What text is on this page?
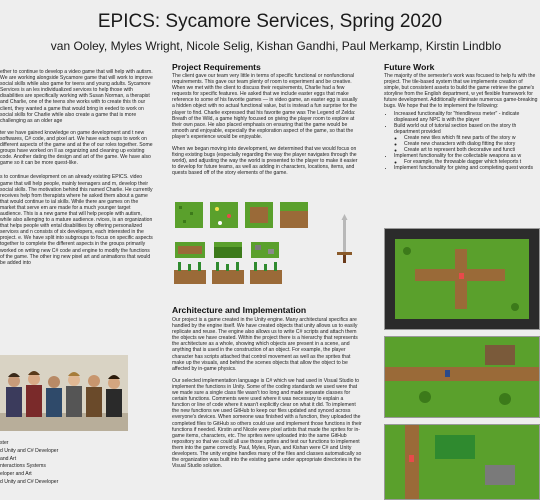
EPICS: Sycamore Services, Spring 2020
van Ooley, Myles Wright, Nicole Selig, Kishan Gandhi, Paul Merkamp, Kirstin Lindblo

ether to continue to develop a video game that will help with autism. We are working alongside Sycamore game that will work to improve social skills while also game for teens and young adults. Sycamore Services is an les individualized services to help those with disabilities are specifically working with Susan Norman, a therapist and Charlie, one of the teens she works with to create this th our client, they wanted a game that would bring in eeded to work on social skills for Charlie while also create a game that is more challenging as an older age

ter we have gained knowledge on game development and t new softwares, C# code, and pixel art. We have each oups to work on different aspects of the game and at the of our roles together. Some groups have worked on ll as organizing and cleaning up existing code. Another dating the design and art of the game. We have also game so it can be more quest-like.

s to continue development on an already existing EPICS. video game that will help people, mainly teenagers and m, develop their social skills. The motivation behind this named Charlie. He currently receives help from therapists where he asked them about a game that would continue to ial skills. While there are games on the market that serve em are made for a much younger target audience. This is a new game that will help people with autism, while also allenging to a mature audience. rvices, is an organization that helps people with ental disabilities by offering personalized services and n consists of six developers, each interested in the project. e. We have split into subgroups to focus on specific aspects together to complete the different aspects in the groups primarily worked on writing new C# code and engine to modify the functions of the game. The other ing new pixel art and animations that would be added into

ster
d Unity and C# Developer
and Art
nteractions Systems
eloper and Art
d Unity and C# Developer
Project Requirements

The client gave our team very little in terms of specific functional or nonfunctional requirements. This gave our team plenty of room to experiment and be creative. When we met with the client to discuss their requirements, Charlie had a few requests for specific features. He asked that we include easter eggs that make reference to some of his favorite games — in video game, an easter egg is usually a hidden object with no actual functional value, but is instead a fun surprise for the player to find. Charlie expressed that his favorite game was The Legend of Zelda: Breath of the Wild, a game highly focused on giving the player room to explore at their own pace. He also placed emphasis on ensuring that the game would be smooth and enjoyable, especially the exploration aspect of the game, so that the player's experience would be enjoyable.

When we began moving into development, we determined that we would focus on fixing existing bugs (especially regarding the way the player navigates through the world), and adjusting the way the world is presented to the player to make it easier to develop for future teams, as well as adding in characters, locations, items, and quests based off of the story elements of the game.

Architecture and Implementation

Our project is a game created in the Unity engine. Many architectural specifics are handled by the engine itself. We have created objects that unity allows us to easily replicate and reuse. The engine also allows us to write C# scripts and attach them the objects we have created. Within the project there is a hierarchy that represents the architecture as a whole, showing which objects are present in a scene, and anything that is used in the construction of an object. For example, the player character has scripts attached that control movement as well as the sprites that make up the visuals, and behind the scenes objects that allow the object to be affected by in-game physics.

Our selected implementation language is C# which we had used in Visual Studio to implement the functions in Unity. Some of the coding standards we used were that we made sure a single class file wasn't too long and made separate classes for certain functions. Comments were used where it was necessary to explain a function or line of code where it wasn't explicitly clear on what it did. To implement the new functions we used GitHub to keep our files updated and synced across everyone's devices. When someone was finished with a function, they uploaded the completed files to GitHub so others could use and implement those functions in their functions if needed. Kirstin and Nicole were pixel artists that made the sprites for in-game items, characters, etc. The sprites were uploaded into the same GitHub repository so that we could all use those sprites and test our functions to implement them into the game correctly. Paul, Myles, Ryan, and Kishan were C# and Unity developers. The unity engine handles many of the files and classes automatically so the organization was built into the existing game under appropriate directories in the Visual Studio solution.

Future Work

The majority of the semester's work was focused to help fu with the project. The tile-based system that we implemente creation of simple, but consistent assets to build the game retrieve the game's storyline from the English department, w yet flexible framework for future development. Additionally eliminate numerous game-breaking bugs. We hope that the to implement the following:

• Increased functionality for "friendliness meter" - indicate displeased any NPC is with the player
• Build world out of tutorial section based on the story th department provided
◦ Create new tiles which fit new parts of the story w
◦ Create new characters with dialog fitting the story
◦ Create art to represent both decorative and functi
• Implement functionality for the collectable weapons as w
◦ For example, the throwable dagger which teleports t
• Implement functionality for giving and completing quest words
